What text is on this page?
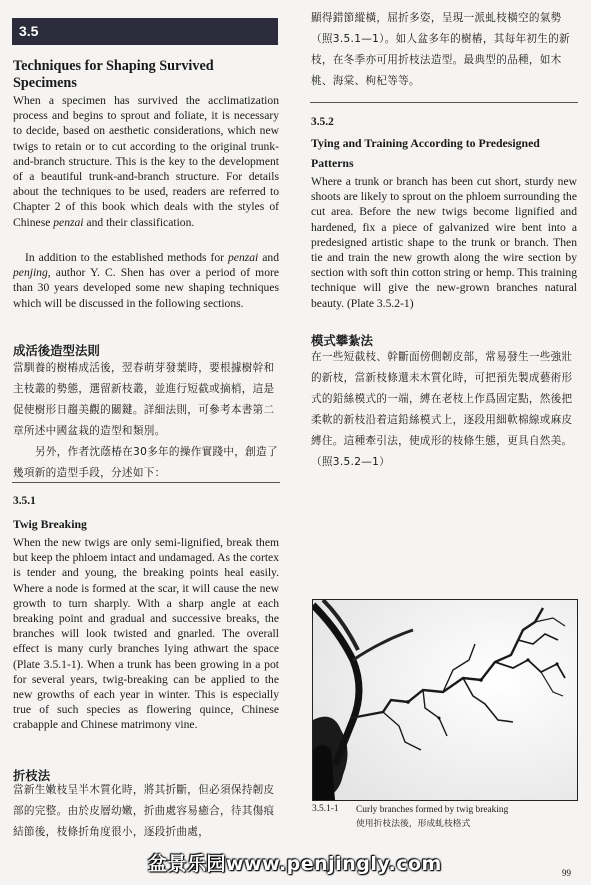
3.5
Techniques for Shaping Survived
Specimens

When a specimen has survived the acclimatization process and begins to sprout and foliate, it is necessary to decide, based on aesthetic considerations, which new twigs to retain or to cut according to the original trunk-and-branch structure. This is the key to the development of a beautiful trunk-and-branch structure. For details about the techniques to be used, readers are referred to Chapter 2 of this book which deals with the styles of Chinese penzai and their classification.

In addition to the established methods for penzai and penjing, author Y. C. Shen has over a period of more than 30 years developed some new shaping techniques which will be discussed in the following sections.

成活後造型法則

當馴養的樹樁成活後，翌春萌芽發葉時，要根據樹幹和主枝叢的勢態，選留新枝叢，並進行短截或摘梢，這是促使樹形日趨美觀的關鍵。詳細法則，可參考本書第二章所述中國盆栽的造型和類別。

另外，作者沈蔭椿在30多年的操作實踐中，創造了幾項新的造型手段，分述如下：

3.5.1
Twig Breaking

When the new twigs are only semi-lignified, break them but keep the phloem intact and undamaged. As the cortex is tender and young, the breaking points heal easily. Where a node is formed at the scar, it will cause the new growth to turn sharply. With a sharp angle at each breaking point and gradual and successive breaks, the branches will look twisted and gnarled. The overall effect is many curly branches lying athwart the space (Plate 3.5.1-1). When a trunk has been growing in a pot for several years, twig-breaking can be applied to the new growths of each year in winter. This is especially true of such species as flowering quince, Chinese crabapple and Chinese matrimony vine.

折枝法

當新生嫩枝呈半木質化時，將其折斷，但必須保持韌皮部的完整。由於皮層幼嫩，折曲處容易癒合，待其傷痕結節後，枝條折角度很小，逐段折曲處，

顯得錯節縱橫，屈折多姿，呈現一派虬枝橫空的氣勢（照3.5.1—1）。如人盆多年的樹樁，其每年初生的新枝，在冬季亦可用折枝法造型。最典型的品種，如木桃、海棠、枸杞等等。

3.5.2
Tying and Training According to Predesigned
Patterns

Where a trunk or branch has been cut short, sturdy new shoots are likely to sprout on the phloem surrounding the cut area. Before the new twigs become lignified and hardened, fix a piece of galvanized wire bent into a predesigned artistic shape to the trunk or branch. Then tie and train the new growth along the wire section by section with soft thin cotton string or hemp. This training technique will give the new-grown branches natural beauty. (Plate 3.5.2-1)

模式攀紮法

在一些短截枝、幹斷面傍側韌皮部，常易發生一些強壯的新枝，當新枝條還未木質化時，可把預先製成藝術形式的鉛絲模式的一端，縛在老枝上作爲固定點，然後把柔軟的新枝沿着這鉛絲模式上，逐段用細軟棉線或麻皮縛住。這種牽引法，使成形的枝條生態，更具自然美。（照3.5.2—1）

3.5.1-1 Curly branches formed by twig breaking
使用折枝法後，形成虬枝格式
盆景乐园www.penjingly.com	99
